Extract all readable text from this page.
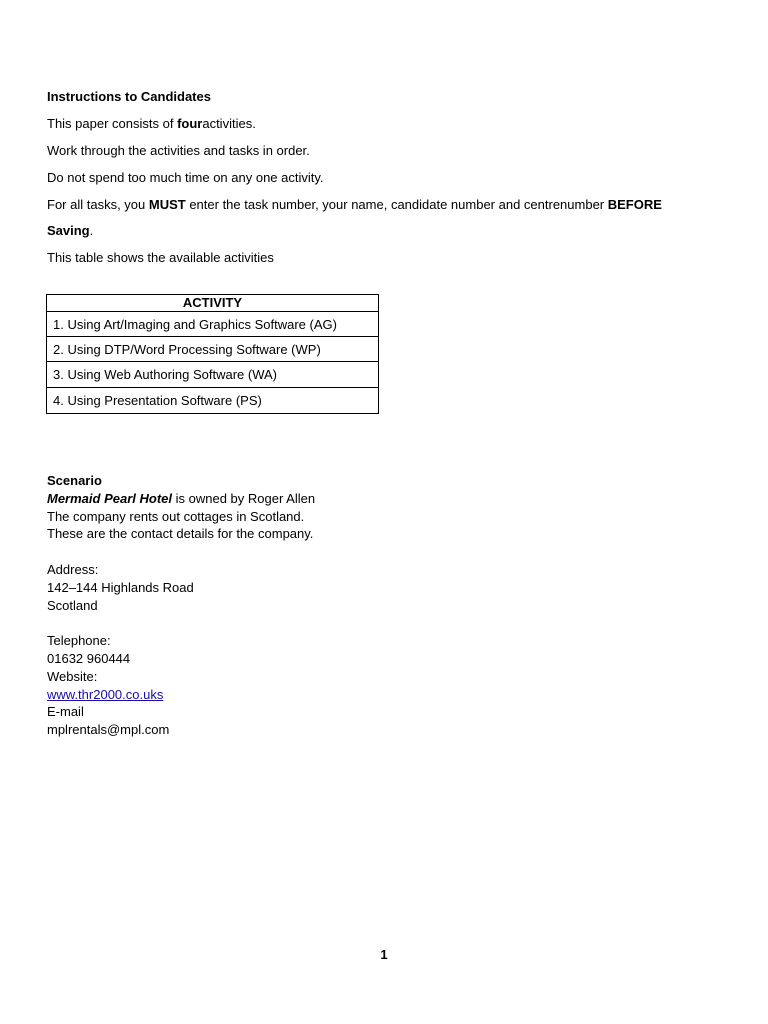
Instructions to Candidates
This paper consists of fouractivities.
Work through the activities and tasks in order.
Do not spend too much time on any one activity.
For all tasks, you MUST enter the task number, your name, candidate number and centrenumber BEFORE
Saving.
This table shows the available activities
ACTIVITY
1. Using Art/Imaging and Graphics Software (AG)
2. Using DTP/Word Processing Software (WP)
3. Using Web Authoring Software (WA)
4. Using Presentation Software (PS)
Scenario
Mermaid Pearl Hotel is owned by Roger Allen
The company rents out cottages in Scotland.
These are the contact details for the company.
Address:
142–144 Highlands Road
Scotland
Telephone:
01632 960444
Website:
www.thr2000.co.uks
E-mail
mplrentals@mpl.com
1
